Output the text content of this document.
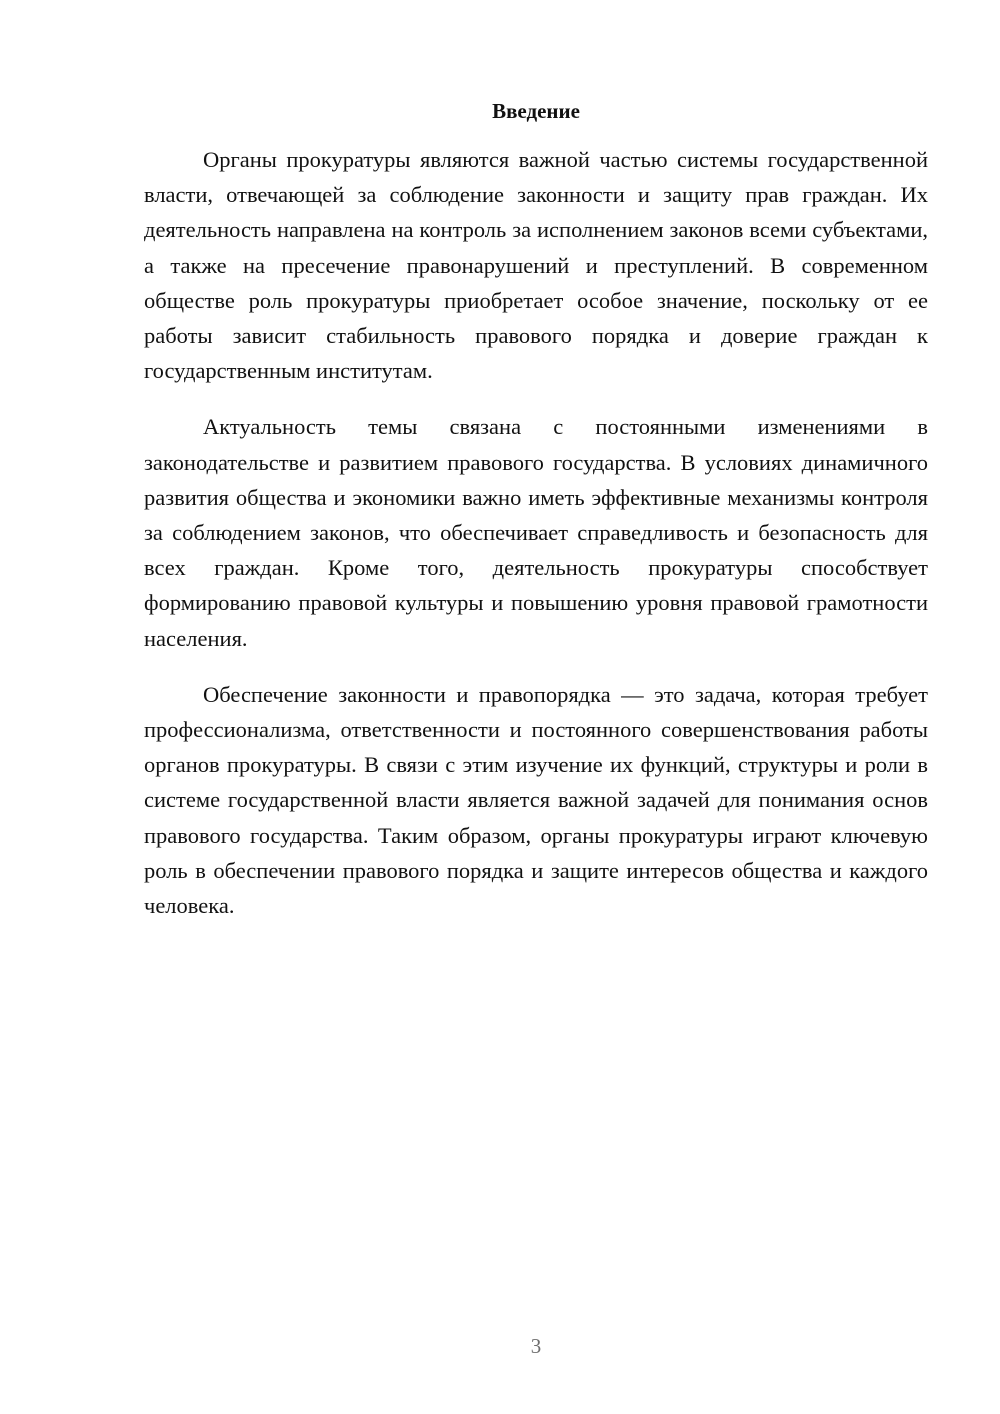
Введение

Органы прокуратуры являются важной частью системы государственной власти, отвечающей за соблюдение законности и защиту прав граждан. Их деятельность направлена на контроль за исполнением законов всеми субъектами, а также на пресечение правонарушений и преступлений. В современном обществе роль прокуратуры приобретает особое значение, поскольку от ее работы зависит стабильность правового порядка и доверие граждан к государственным институтам.

Актуальность темы связана с постоянными изменениями в законодательстве и развитием правового государства. В условиях динамичного развития общества и экономики важно иметь эффективные механизмы контроля за соблюдением законов, что обеспечивает справедливость и безопасность для всех граждан. Кроме того, деятельность прокуратуры способствует формированию правовой культуры и повышению уровня правовой грамотности населения.

Обеспечение законности и правопорядка — это задача, которая требует профессионализма, ответственности и постоянного совершенствования работы органов прокуратуры. В связи с этим изучение их функций, структуры и роли в системе государственной власти является важной задачей для понимания основ правового государства. Таким образом, органы прокуратуры играют ключевую роль в обеспечении правового порядка и защите интересов общества и каждого человека.

3
